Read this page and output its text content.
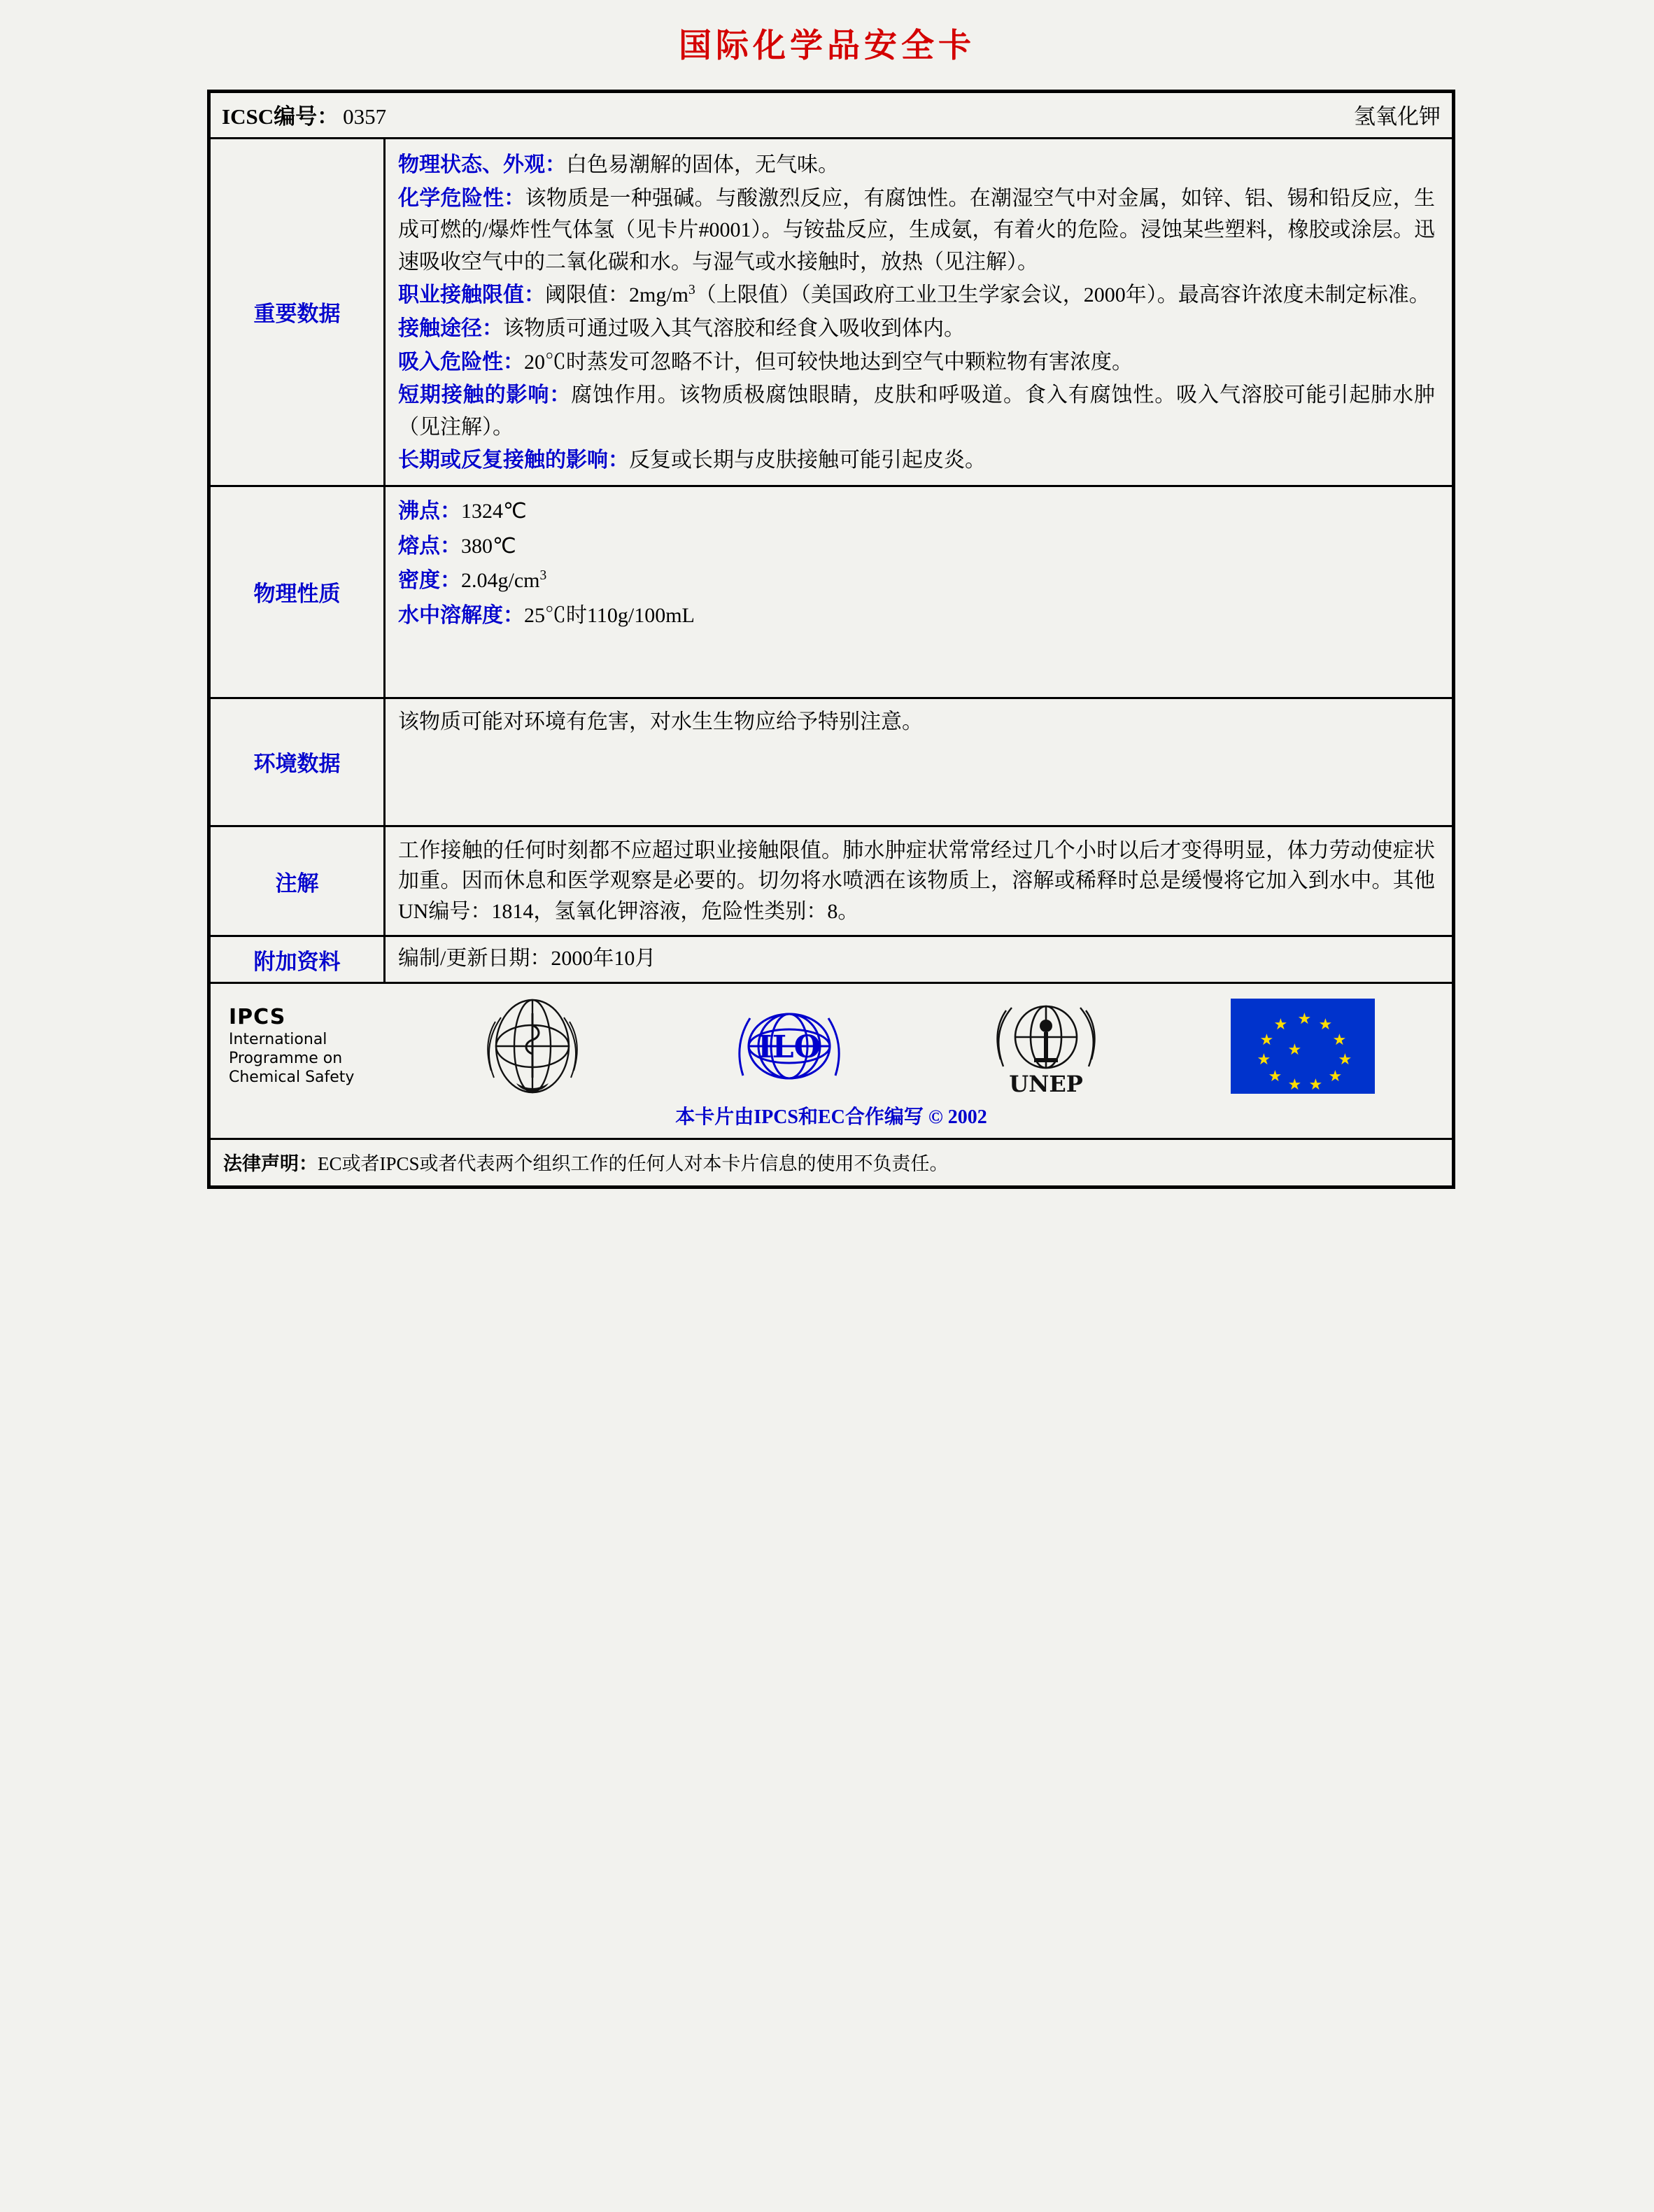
国际化学品安全卡
ICSC编号： 0357	氢氧化钾
重要数据

物理状态、外观：白色易潮解的固体，无气味。

化学危险性：该物质是一种强碱。与酸激烈反应，有腐蚀性。在潮湿空气中对金属，如锌、铝、锡和铅反应，生成可燃的/爆炸性气体氢（见卡片#0001）。与铵盐反应，生成氨，有着火的危险。浸蚀某些塑料，橡胶或涂层。迅速吸收空气中的二氧化碳和水。与湿气或水接触时，放热（见注解）。

职业接触限值：阈限值：$2mg/m^3$（上限值）（美国政府工业卫生学家会议，2000年）。最高容许浓度未制定标准。

接触途径：该物质可通过吸入其气溶胶和经食入吸收到体内。

吸入危险性：20℃时蒸发可忽略不计，但可较快地达到空气中颗粒物有害浓度。

短期接触的影响：腐蚀作用。该物质极腐蚀眼睛，皮肤和呼吸道。食入有腐蚀性。吸入气溶胶可能引起肺水肿（见注解）。

长期或反复接触的影响：反复或长期与皮肤接触可能引起皮炎。

物理性质

沸点：1324℃

熔点：380℃

密度：$2.04g/cm^3$

水中溶解度：25℃时110g/100mL

环境数据

该物质可能对环境有危害，对水生生物应给予特别注意。

注解

工作接触的任何时刻都不应超过职业接触限值。肺水肿症状常常经过几个小时以后才变得明显，体力劳动使症状加重。因而休息和医学观察是必要的。切勿将水喷洒在该物质上，溶解或稀释时总是缓慢将它加入到水中。其他UN编号：1814，氢氧化钾溶液，危险性类别：8。

附加资料	编制/更新日期：2000年10月

IPCS
International
Programme on
Chemical Safety
ILO
UNEP
★ ★
★
★
★
★
★
★
★
★
★
★
本卡片由IPCS和EC合作编写 © 2002
法律声明：EC或者IPCS或者代表两个组织工作的任何人对本卡片信息的使用不负责任。
